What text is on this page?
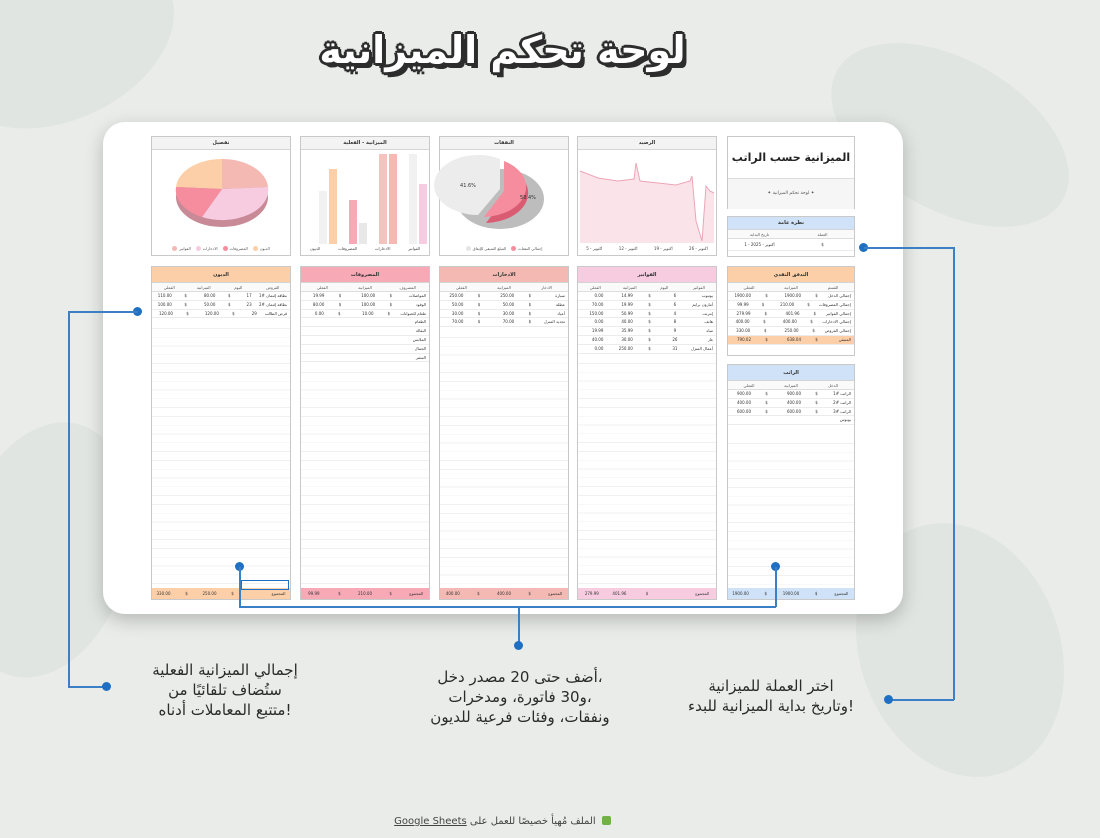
لوحة تحكم الميزانية
الميزانية حسب الراتب
✦ لوحة تحكم الميزانية ✦
نظرة عامة
العملة
تاريخ البداية
$
1 - أكتوبر - 2025
الرصيد
أكتوبر - 26
أكتوبر - 19
أكتوبر - 12
أكتوبر - 5
النفقات
58.4%
41.6%
إجمالي النفقات
المبلغ المتبقي للإنفاق
الميزانية - الفعلية
الفواتير
الادخارات
المصروفات
الديون
تفصيل
الديون
المصروفات
الادخارات
الفواتير
التدفق النقدي
القسم
الميزانية
الفعلي
إجمالي الدخل
$
1900.00
$
1900.00
إجمالي المصروفات
$
210.00
$
99.99
إجمالي الفواتير
$
401.96
$
279.99
إجمالي الادخارات
$
400.00
$
400.00
إجمالي القروض
$
250.00
$
330.00
المتبقي
$
638.04
$
790.02
الراتب
الدخل
الميزانية
الفعلي
الراتب #1
$
900.00
$
900.00
الراتب #2
$
400.00
$
400.00
الراتب #3
$
600.00
$
600.00
بونوس
المجموع
$
1900.00
$
1900.00
الفواتير
الفواتير
اليوم
الميزانية
الفعلي
يوتيوب
6
$
14.99
0.00
أمازون برايم
6
$
19.99
70.00
إنترنت
4
$
50.99
150.00
هاتف
8
$
40.00
0.00
مياه
9
$
35.99
19.99
غاز
26
$
30.00
40.00
أعمال المنزل
31
$
250.00
0.00
المجموع
$
401.96
279.99
الادخارات
الادخار
الميزانية
الفعلي
سيارة
$
250.00
$
250.00
عطلة
$
50.00
$
50.00
أعياد
$
30.00
$
30.00
تجديد المنزل
$
70.00
$
70.00
المجموع
$
400.00
$
400.00
المصروفات
المصروف
الميزانية
الفعلي
المواصلات
$
100.00
$
19.99
الوقود
$
100.00
$
80.00
طعام للحيوانات
$
10.00
$
0.00
الطعام
البقالة
الملابس
الجمال
السفر
المجموع
$
210.00
$
99.99
الديون
القروض
اليوم
الميزانية
الفعلي
بطاقة إئتمان #1
17
$
80.00
$
110.00
بطاقة إئتمان #2
23
$
50.00
$
100.00
قرض الطالب
29
$
120.00
$
120.00
المجموع
$
250.00
$
330.00
اختر العملة للميزانية
وتاريخ بداية الميزانية للبدء!
أضف حتى 20 مصدر دخل،
و30 فاتورة، ومدخرات،
ونفقات، وفئات فرعية للديون
إجمالي الميزانية الفعلية
ستُضاف تلقائيًا من
متتبع المعاملات أدناه!
Google Sheets الملف مُهيأ خصيصًا للعمل على
